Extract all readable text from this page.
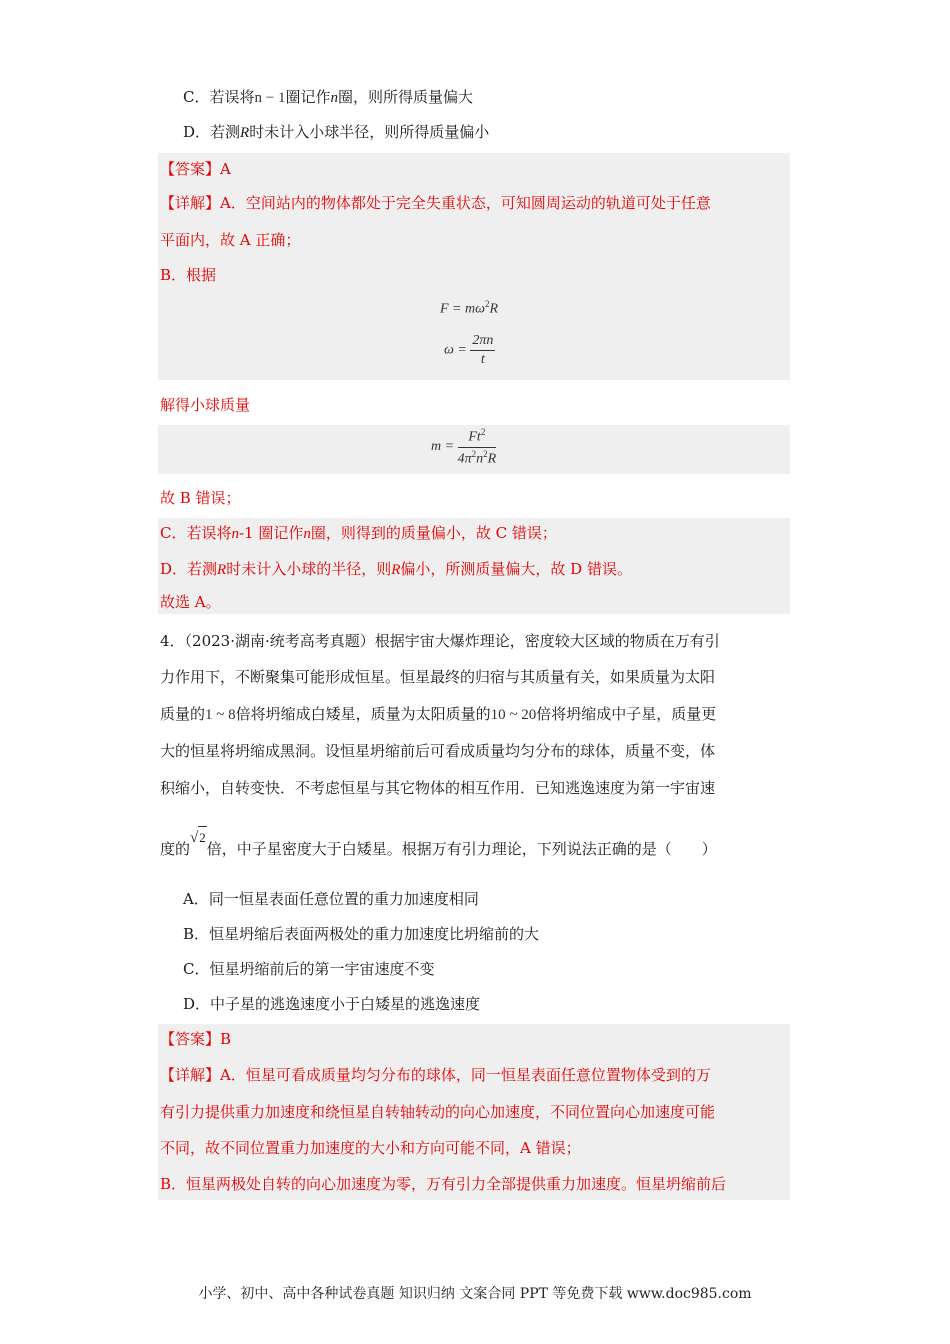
C．若误将n − 1圈记作n圈，则所得质量偏大
D．若测R时未计入小球半径，则所得质量偏小
【答案】A
【详解】A．空间站内的物体都处于完全失重状态，可知圆周运动的轨道可处于任意
平面内，故 A 正确；
B．根据
$F = m\omega^2R$
$\omega = \frac{2\pi n}{t}$
解得小球质量
$m = \frac{Ft^2}{4\pi^2n^2R}$
故 B 错误；
C．若误将n-1 圈记作n圈，则得到的质量偏小，故 C 错误；
D．若测R时未计入小球的半径，则R偏小，所测质量偏大，故 D 错误。
故选 A。
4．（2023·湖南·统考高考真题）根据宇宙大爆炸理论，密度较大区域的物质在万有引
力作用下，不断聚集可能形成恒星。恒星最终的归宿与其质量有关，如果质量为太阳
质量的1 ~ 8倍将坍缩成白矮星，质量为太阳质量的10 ~ 20倍将坍缩成中子星，质量更
大的恒星将坍缩成黑洞。设恒星坍缩前后可看成质量均匀分布的球体，质量不变，体
积缩小，自转变快．不考虑恒星与其它物体的相互作用．已知逃逸速度为第一宇宙速
度的√2倍，中子星密度大于白矮星。根据万有引力理论，下列说法正确的是（　　）
A．同一恒星表面任意位置的重力加速度相同
B．恒星坍缩后表面两极处的重力加速度比坍缩前的大
C．恒星坍缩前后的第一宇宙速度不变
D．中子星的逃逸速度小于白矮星的逃逸速度
【答案】B
【详解】A．恒星可看成质量均匀分布的球体，同一恒星表面任意位置物体受到的万
有引力提供重力加速度和绕恒星自转轴转动的向心加速度，不同位置向心加速度可能
不同，故不同位置重力加速度的大小和方向可能不同，A 错误；
B．恒星两极处自转的向心加速度为零，万有引力全部提供重力加速度。恒星坍缩前后
小学、初中、高中各种试卷真题 知识归纳 文案合同 PPT 等免费下载 www.doc985.com
